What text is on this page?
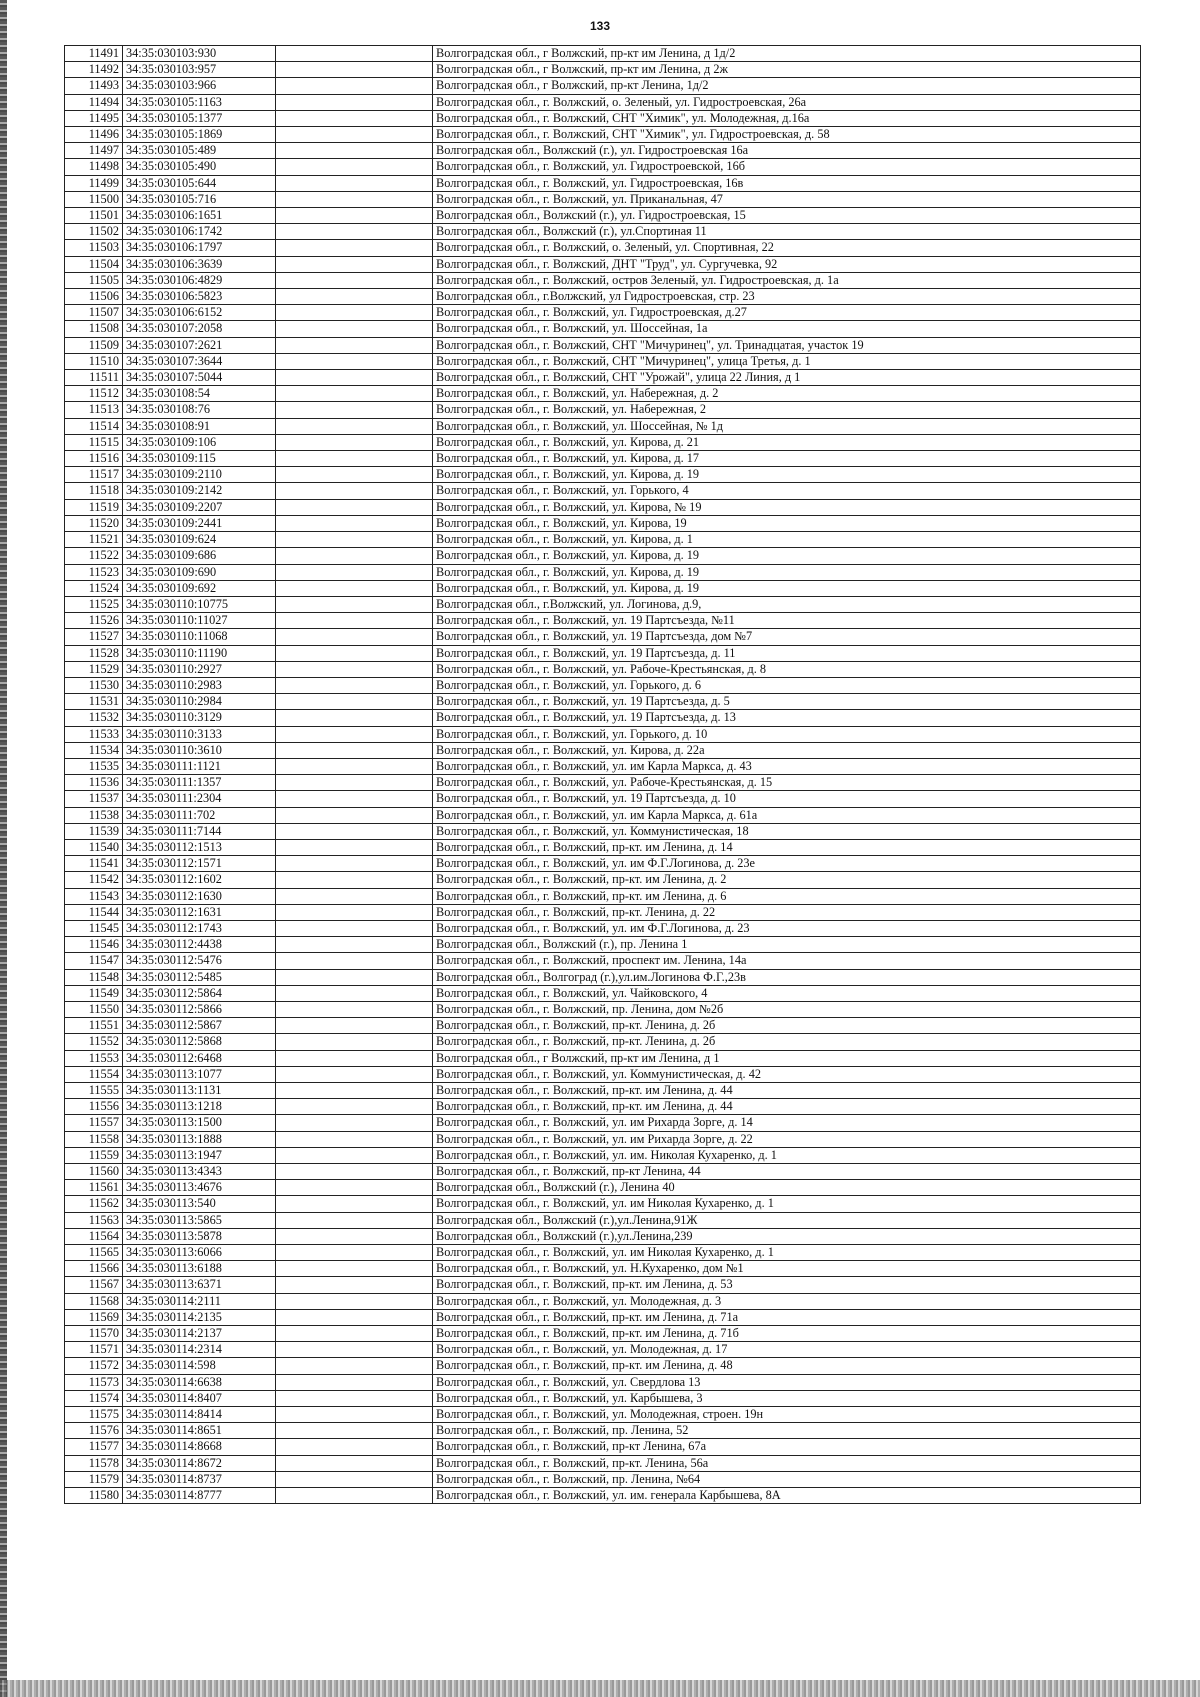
133
11491	34:35:030103:930		Волгоградская обл., г Волжский, пр-кт им Ленина, д 1д/2
11492	34:35:030103:957		Волгоградская обл., г Волжский, пр-кт им Ленина, д 2ж
11493	34:35:030103:966		Волгоградская обл., г Волжский, пр-кт Ленина, 1д/2
11494	34:35:030105:1163		Волгоградская обл., г. Волжский, о. Зеленый, ул. Гидростроевская, 26а
11495	34:35:030105:1377		Волгоградская обл., г. Волжский, СНТ "Химик", ул. Молодежная, д.16а
11496	34:35:030105:1869		Волгоградская обл., г. Волжский, СНТ "Химик", ул. Гидростроевская, д. 58
11497	34:35:030105:489		Волгоградская обл., Волжский (г.), ул. Гидростроевская 16а
11498	34:35:030105:490		Волгоградская обл., г. Волжский, ул. Гидростроевской, 16б
11499	34:35:030105:644		Волгоградская обл., г. Волжский, ул. Гидростроевская, 16в
11500	34:35:030105:716		Волгоградская обл., г. Волжский, ул. Приканальная, 47
11501	34:35:030106:1651		Волгоградская обл., Волжский (г.), ул. Гидростроевская, 15
11502	34:35:030106:1742		Волгоградская обл., Волжский (г.), ул.Спортиная 11
11503	34:35:030106:1797		Волгоградская обл., г. Волжский, о. Зеленый, ул. Спортивная, 22
11504	34:35:030106:3639		Волгоградская обл., г. Волжский, ДНТ "Труд", ул. Сургучевка, 92
11505	34:35:030106:4829		Волгоградская обл., г. Волжский, остров Зеленый, ул. Гидростроевская, д. 1а
11506	34:35:030106:5823		Волгоградская обл., г.Волжский, ул Гидростроевская, стр. 23
11507	34:35:030106:6152		Волгоградская обл., г. Волжский, ул. Гидростроевская, д.27
11508	34:35:030107:2058		Волгоградская обл., г. Волжский, ул. Шоссейная, 1а
11509	34:35:030107:2621		Волгоградская обл., г. Волжский, СНТ "Мичуринец", ул. Тринадцатая, участок 19
11510	34:35:030107:3644		Волгоградская обл., г. Волжский, СНТ "Мичуринец", улица Третья, д. 1
11511	34:35:030107:5044		Волгоградская обл., г. Волжский, СНТ "Урожай", улица 22 Линия, д 1
11512	34:35:030108:54		Волгоградская обл., г. Волжский, ул. Набережная, д. 2
11513	34:35:030108:76		Волгоградская обл., г. Волжский, ул. Набережная, 2
11514	34:35:030108:91		Волгоградская обл., г. Волжский, ул. Шоссейная, № 1д
11515	34:35:030109:106		Волгоградская обл., г. Волжский, ул. Кирова, д. 21
11516	34:35:030109:115		Волгоградская обл., г. Волжский, ул. Кирова, д. 17
11517	34:35:030109:2110		Волгоградская обл., г. Волжский, ул. Кирова, д. 19
11518	34:35:030109:2142		Волгоградская обл., г. Волжский, ул. Горького, 4
11519	34:35:030109:2207		Волгоградская обл., г. Волжский, ул. Кирова, № 19
11520	34:35:030109:2441		Волгоградская обл., г. Волжский, ул. Кирова, 19
11521	34:35:030109:624		Волгоградская обл., г. Волжский, ул. Кирова, д. 1
11522	34:35:030109:686		Волгоградская обл., г. Волжский, ул. Кирова, д. 19
11523	34:35:030109:690		Волгоградская обл., г. Волжский, ул. Кирова, д. 19
11524	34:35:030109:692		Волгоградская обл., г. Волжский, ул. Кирова, д. 19
11525	34:35:030110:10775		Волгоградская обл., г.Волжский, ул. Логинова, д.9,
11526	34:35:030110:11027		Волгоградская обл., г. Волжский, ул. 19 Партсъезда, №11
11527	34:35:030110:11068		Волгоградская обл., г. Волжский, ул. 19 Партсъезда, дом №7
11528	34:35:030110:11190		Волгоградская обл., г. Волжский, ул. 19 Партсъезда, д. 11
11529	34:35:030110:2927		Волгоградская обл., г. Волжский, ул. Рабоче-Крестьянская, д. 8
11530	34:35:030110:2983		Волгоградская обл., г. Волжский, ул. Горького, д. 6
11531	34:35:030110:2984		Волгоградская обл., г. Волжский, ул. 19 Партсъезда, д. 5
11532	34:35:030110:3129		Волгоградская обл., г. Волжский, ул. 19 Партсъезда, д. 13
11533	34:35:030110:3133		Волгоградская обл., г. Волжский, ул. Горького, д. 10
11534	34:35:030110:3610		Волгоградская обл., г. Волжский, ул. Кирова, д. 22а
11535	34:35:030111:1121		Волгоградская обл., г. Волжский, ул. им Карла Маркса, д. 43
11536	34:35:030111:1357		Волгоградская обл., г. Волжский, ул. Рабоче-Крестьянская, д. 15
11537	34:35:030111:2304		Волгоградская обл., г. Волжский, ул. 19 Партсъезда, д. 10
11538	34:35:030111:702		Волгоградская обл., г. Волжский, ул. им Карла Маркса, д. 61а
11539	34:35:030111:7144		Волгоградская обл., г. Волжский, ул. Коммунистическая, 18
11540	34:35:030112:1513		Волгоградская обл., г. Волжский, пр-кт. им Ленина, д. 14
11541	34:35:030112:1571		Волгоградская обл., г. Волжский, ул. им Ф.Г.Логинова, д. 23е
11542	34:35:030112:1602		Волгоградская обл., г. Волжский, пр-кт. им Ленина, д. 2
11543	34:35:030112:1630		Волгоградская обл., г. Волжский, пр-кт. им Ленина, д. 6
11544	34:35:030112:1631		Волгоградская обл., г. Волжский, пр-кт. Ленина, д. 22
11545	34:35:030112:1743		Волгоградская обл., г. Волжский, ул. им Ф.Г.Логинова, д. 23
11546	34:35:030112:4438		Волгоградская обл., Волжский (г.), пр. Ленина 1
11547	34:35:030112:5476		Волгоградская обл., г. Волжский, проспект им. Ленина, 14а
11548	34:35:030112:5485		Волгоградская обл., Волгоград (г.),ул.им.Логинова Ф.Г.,23в
11549	34:35:030112:5864		Волгоградская обл., г. Волжский, ул. Чайковского, 4
11550	34:35:030112:5866		Волгоградская обл., г. Волжский, пр. Ленина, дом №2б
11551	34:35:030112:5867		Волгоградская обл., г. Волжский, пр-кт. Ленина, д. 2б
11552	34:35:030112:5868		Волгоградская обл., г. Волжский, пр-кт. Ленина, д. 2б
11553	34:35:030112:6468		Волгоградская обл., г Волжский, пр-кт им Ленина, д 1
11554	34:35:030113:1077		Волгоградская обл., г. Волжский, ул. Коммунистическая, д. 42
11555	34:35:030113:1131		Волгоградская обл., г. Волжский, пр-кт. им Ленина, д. 44
11556	34:35:030113:1218		Волгоградская обл., г. Волжский, пр-кт. им Ленина, д. 44
11557	34:35:030113:1500		Волгоградская обл., г. Волжский, ул. им Рихарда Зорге, д. 14
11558	34:35:030113:1888		Волгоградская обл., г. Волжский, ул. им Рихарда Зорге, д. 22
11559	34:35:030113:1947		Волгоградская обл., г. Волжский, ул. им. Николая Кухаренко, д. 1
11560	34:35:030113:4343		Волгоградская обл., г. Волжский, пр-кт Ленина, 44
11561	34:35:030113:4676		Волгоградская обл., Волжский (г.), Ленина 40
11562	34:35:030113:540		Волгоградская обл., г. Волжский, ул. им Николая Кухаренко, д. 1
11563	34:35:030113:5865		Волгоградская обл., Волжский (г.),ул.Ленина,91Ж
11564	34:35:030113:5878		Волгоградская обл., Волжский (г.),ул.Ленина,239
11565	34:35:030113:6066		Волгоградская обл., г. Волжский, ул. им Николая Кухаренко, д. 1
11566	34:35:030113:6188		Волгоградская обл., г. Волжский, ул. Н.Кухаренко, дом №1
11567	34:35:030113:6371		Волгоградская обл., г. Волжский, пр-кт. им Ленина, д. 53
11568	34:35:030114:2111		Волгоградская обл., г. Волжский, ул. Молодежная, д. 3
11569	34:35:030114:2135		Волгоградская обл., г. Волжский, пр-кт. им Ленина, д. 71а
11570	34:35:030114:2137		Волгоградская обл., г. Волжский, пр-кт. им Ленина, д. 71б
11571	34:35:030114:2314		Волгоградская обл., г. Волжский, ул. Молодежная, д. 17
11572	34:35:030114:598		Волгоградская обл., г. Волжский, пр-кт. им Ленина, д. 48
11573	34:35:030114:6638		Волгоградская обл., г. Волжский, ул. Свердлова 13
11574	34:35:030114:8407		Волгоградская обл., г. Волжский, ул. Карбышева, 3
11575	34:35:030114:8414		Волгоградская обл., г. Волжский, ул. Молодежная, строен. 19н
11576	34:35:030114:8651		Волгоградская обл., г. Волжский, пр. Ленина, 52
11577	34:35:030114:8668		Волгоградская обл., г. Волжский, пр-кт Ленина, 67а
11578	34:35:030114:8672		Волгоградская обл., г. Волжский, пр-кт. Ленина, 56а
11579	34:35:030114:8737		Волгоградская обл., г. Волжский, пр. Ленина, №64
11580	34:35:030114:8777		Волгоградская обл., г. Волжский, ул. им. генерала Карбышева, 8А
